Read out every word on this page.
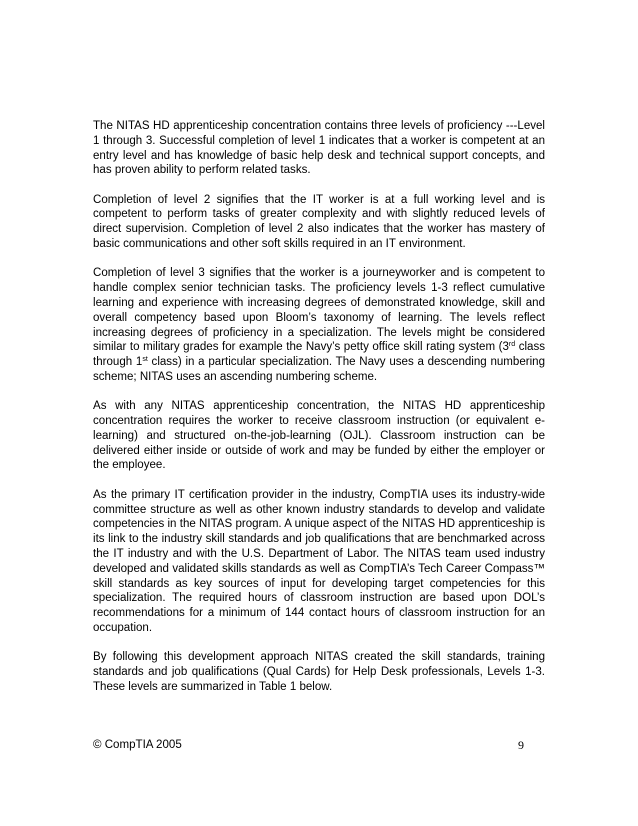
The NITAS HD apprenticeship concentration contains three levels of proficiency ---Level 1 through 3. Successful completion of level 1 indicates that a worker is competent at an entry level and has knowledge of basic help desk and technical support concepts, and has proven ability to perform related tasks.

Completion of level 2 signifies that the IT worker is at a full working level and is competent to perform tasks of greater complexity and with slightly reduced levels of direct supervision. Completion of level 2 also indicates that the worker has mastery of basic communications and other soft skills required in an IT environment.

Completion of level 3 signifies that the worker is a journeyworker and is competent to handle complex senior technician tasks. The proficiency levels 1-3 reflect cumulative learning and experience with increasing degrees of demonstrated knowledge, skill and overall competency based upon Bloom’s taxonomy of learning. The levels reflect increasing degrees of proficiency in a specialization. The levels might be considered similar to military grades for example the Navy’s petty office skill rating system (3rd class through 1st class) in a particular specialization. The Navy uses a descending numbering scheme; NITAS uses an ascending numbering scheme.

As with any NITAS apprenticeship concentration, the NITAS HD apprenticeship concentration requires the worker to receive classroom instruction (or equivalent e-learning) and structured on-the-job-learning (OJL). Classroom instruction can be delivered either inside or outside of work and may be funded by either the employer or the employee.

As the primary IT certification provider in the industry, CompTIA uses its industry-wide committee structure as well as other known industry standards to develop and validate competencies in the NITAS program. A unique aspect of the NITAS HD apprenticeship is its link to the industry skill standards and job qualifications that are benchmarked across the IT industry and with the U.S. Department of Labor. The NITAS team used industry developed and validated skills standards as well as CompTIA’s Tech Career Compass™ skill standards as key sources of input for developing target competencies for this specialization. The required hours of classroom instruction are based upon DOL’s recommendations for a minimum of 144 contact hours of classroom instruction for an occupation.

By following this development approach NITAS created the skill standards, training standards and job qualifications (Qual Cards) for Help Desk professionals, Levels 1-3. These levels are summarized in Table 1 below.

© CompTIA 2005	9
